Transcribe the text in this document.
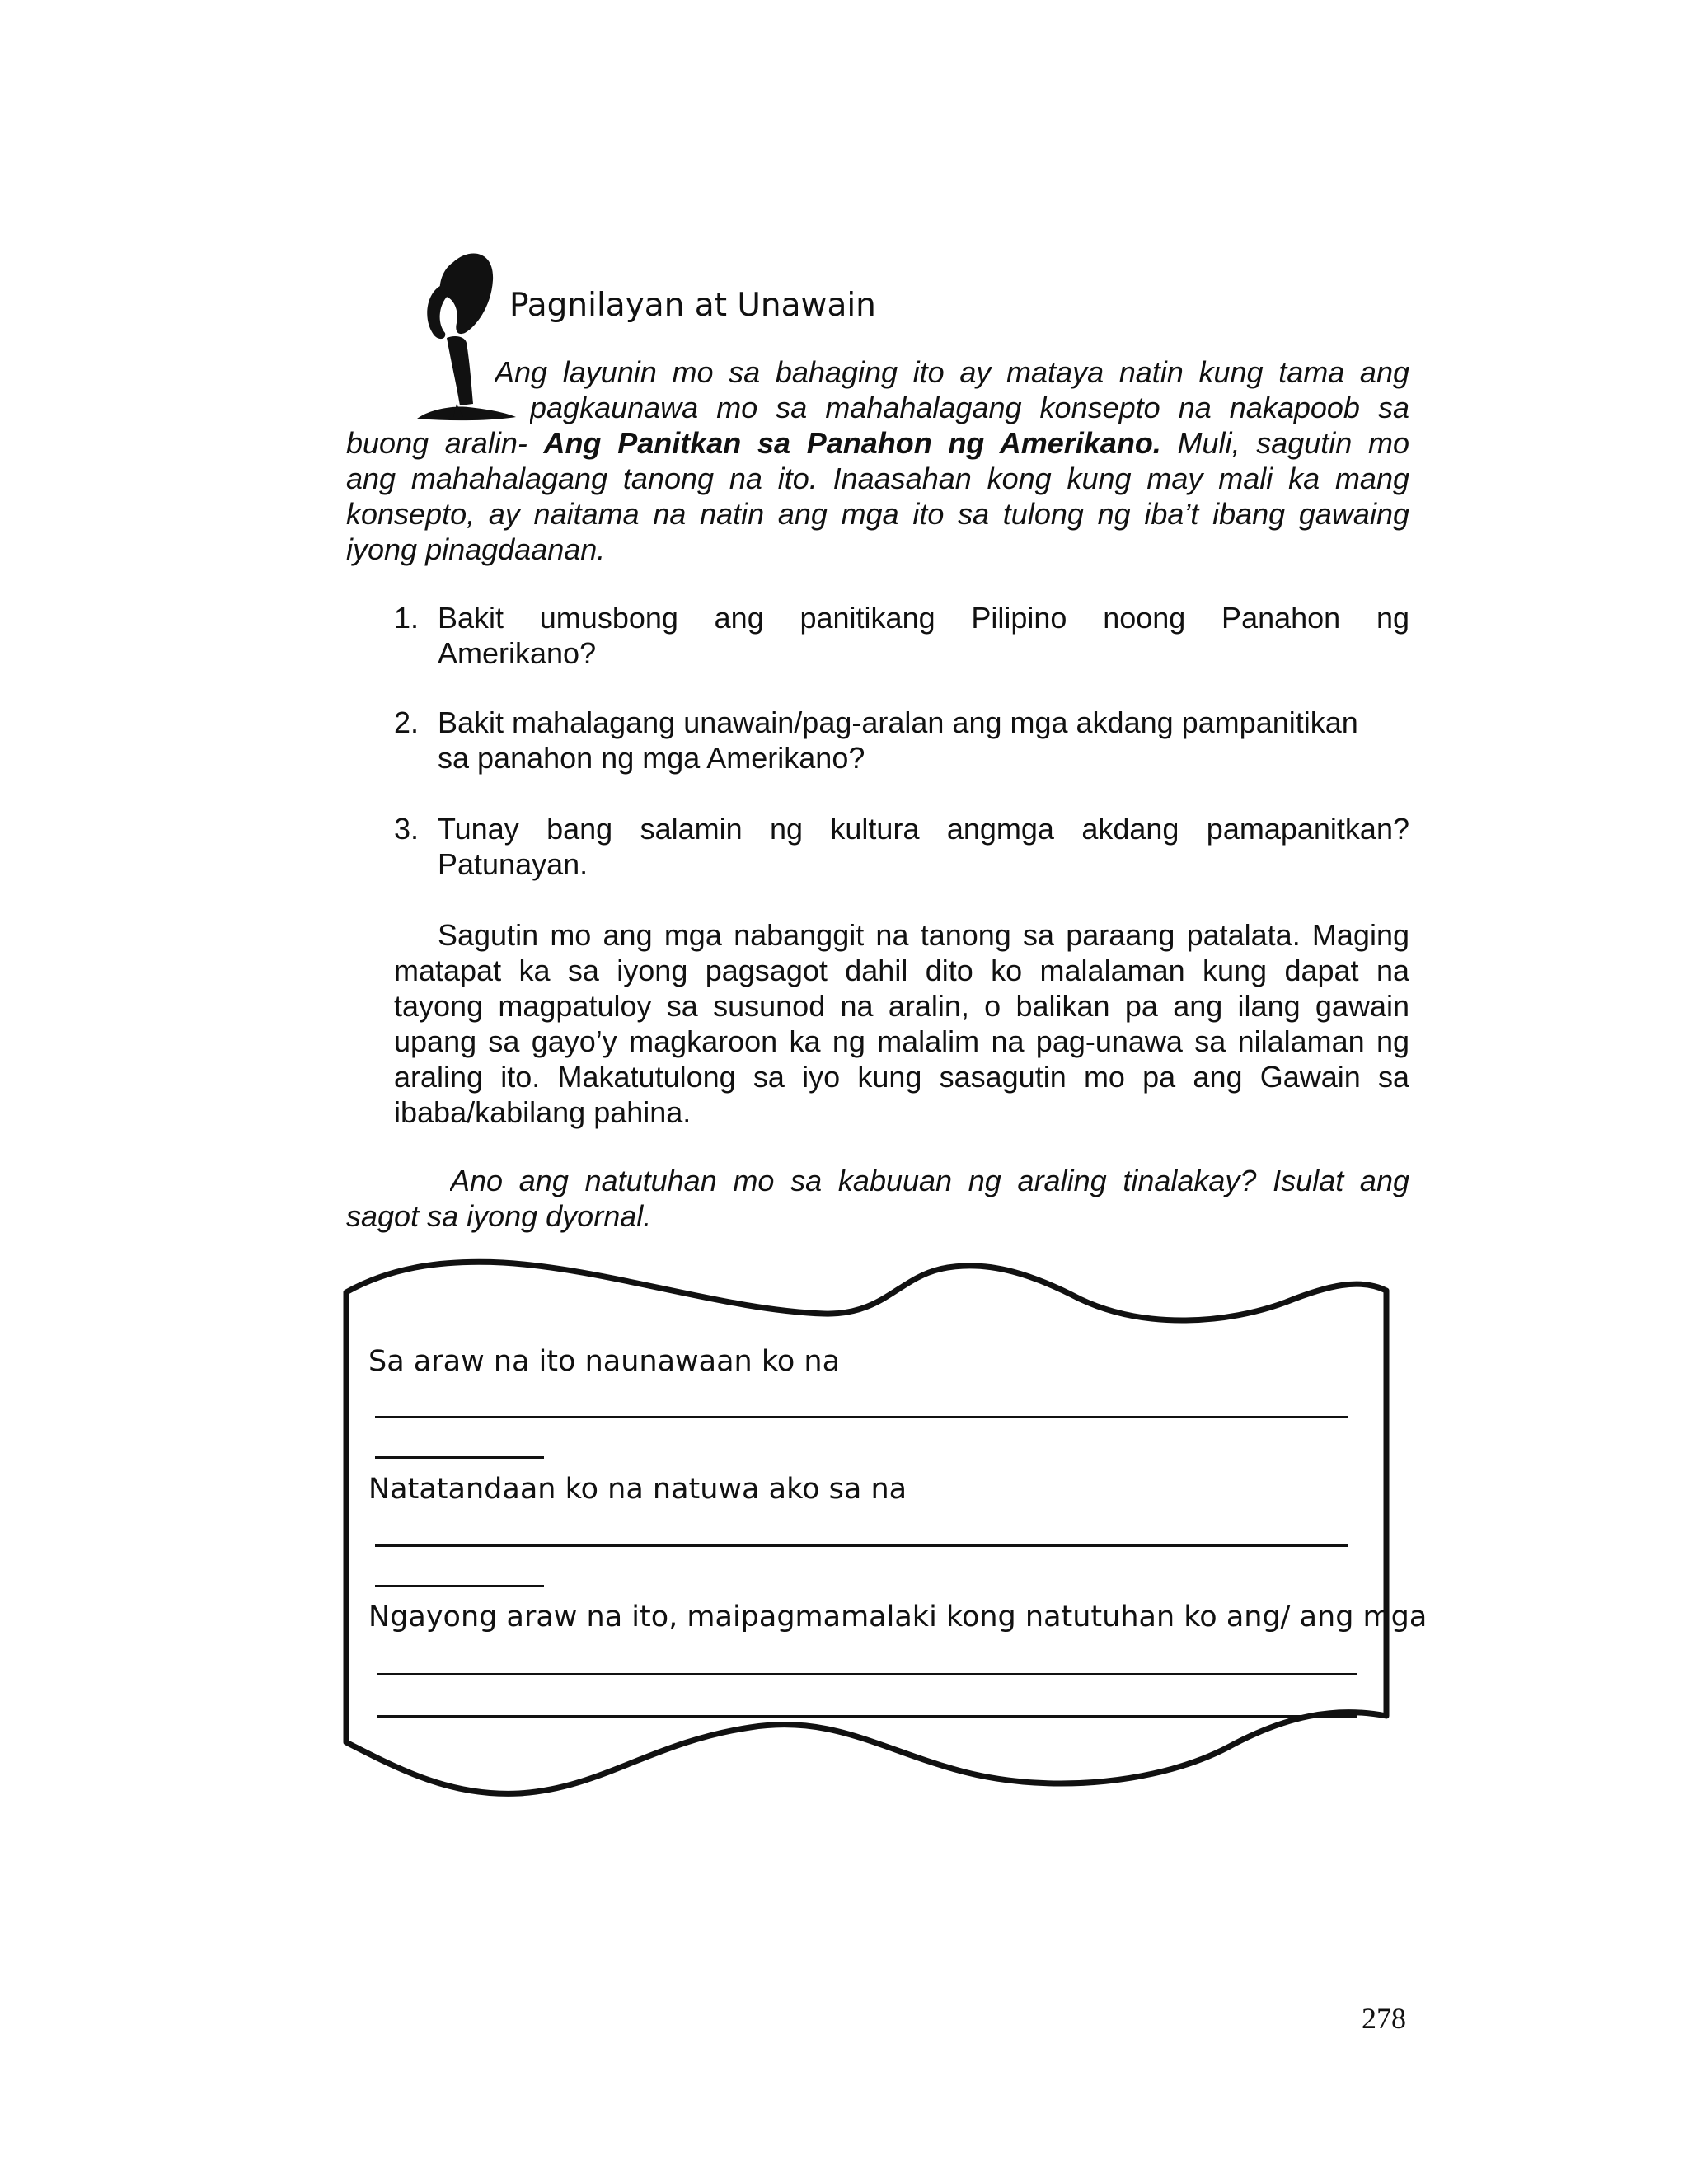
Pagnilayan at Unawain
Ang layunin mo sa bahaging ito ay mataya natin kung tama ang
pagkaunawa mo sa mahahalagang konsepto na nakapoob sa
buong aralin- Ang Panitkan sa Panahon ng Amerikano. Muli, sagutin mo
ang mahahalagang tanong na ito. Inaasahan kong kung may mali ka mang
konsepto, ay naitama na natin ang mga ito sa tulong ng iba’t ibang gawaing
iyong pinagdaanan.
1. Bakit umusbong ang panitikang Pilipino noong Panahon ng
Amerikano?
2. Bakit mahalagang unawain/pag-aralan ang mga akdang pampanitikan
sa panahon ng mga Amerikano?
3. Tunay bang salamin ng kultura angmga akdang pamapanitkan?
Patunayan.
Sagutin mo ang mga nabanggit na tanong sa paraang patalata. Maging
matapat ka sa iyong pagsagot dahil dito ko malalaman kung dapat na
tayong magpatuloy sa susunod na aralin, o balikan pa ang ilang gawain
upang sa gayo’y magkaroon ka ng malalim na pag-unawa sa nilalaman ng
araling ito. Makatutulong sa iyo kung sasagutin mo pa ang Gawain sa
ibaba/kabilang pahina.
Ano ang natutuhan mo sa kabuuan ng araling tinalakay? Isulat ang
sagot sa iyong dyornal.
Sa araw na ito naunawaan ko na
Natatandaan ko na natuwa ako sa na
Ngayong araw na ito, maipagmamalaki kong natutuhan ko ang/ ang mga
278
